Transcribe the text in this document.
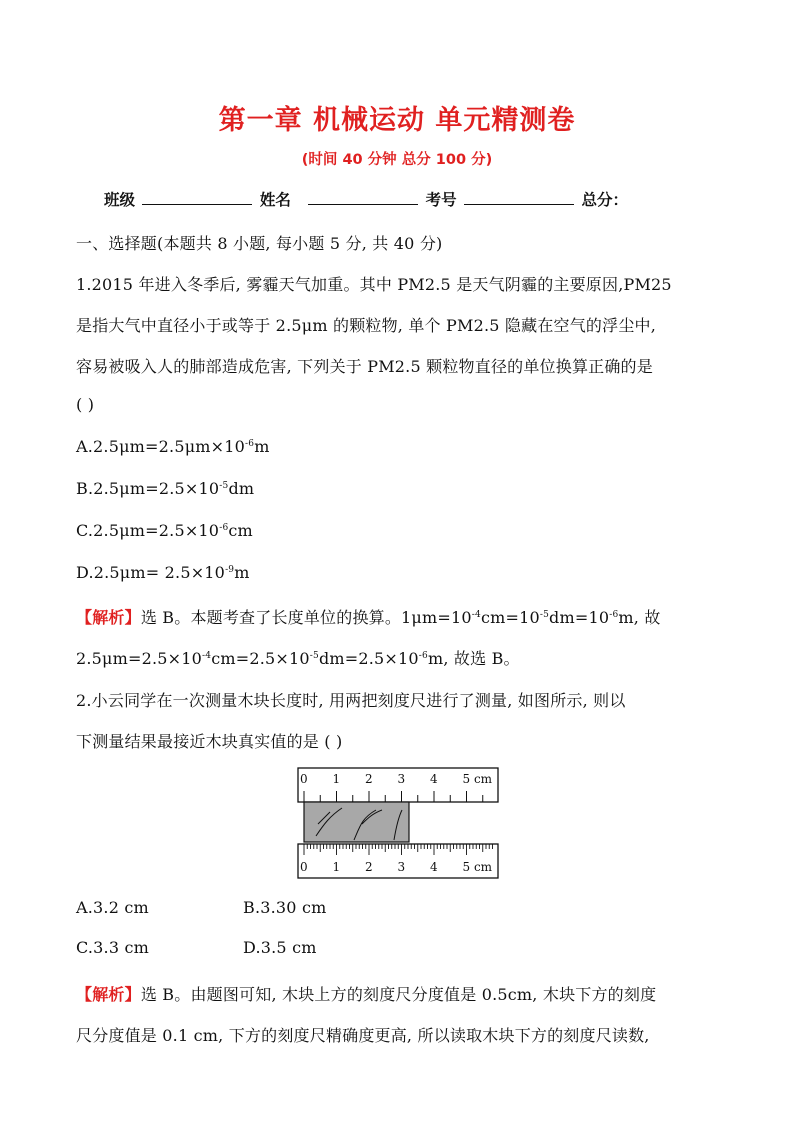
第一章 机械运动 单元精测卷
(时间 40 分钟 总分 100 分)
班级	姓名	考号	总分：
一、选择题(本题共 8 小题, 每小题 5 分, 共 40 分)
1.2015 年进入冬季后, 雾霾天气加重。其中 PM2.5 是天气阴霾的主要原因,PM25
是指大气中直径小于或等于 2.5μm 的颗粒物, 单个 PM2.5 隐藏在空气的浮尘中,
容易被吸入人的肺部造成危害, 下列关于 PM2.5 颗粒物直径的单位换算正确的是
( )
$A.2.5\mu m=2.5\mu m\times 10^{-6}m$
$B.2.5\mu m=2.5\times 10^{-5}dm$
$C.2.5\mu m=2.5\times 10^{-6}cm$
$D.2.5\mu m= 2.5\times 10^{-9}m$
【解析】选 B。本题考查了长度单位的换算。$1\mu m=10^{-4}cm=10^{-5}dm=10^{-6}m$, 故
$2.5\mu m=2.5\times 10^{-4}cm=2.5\times 10^{-5}dm=2.5\times 10^{-6}m$, 故选 B。
2.小云同学在一次测量木块长度时, 用两把刻度尺进行了测量, 如图所示, 则以
下测量结果最接近木块真实值的是 ( )
0 1 2 3 4 5 cm
0 1 2 3 4 5 cm
A.3.2 cm	B.3.30 cm
C.3.3 cm	D.3.5 cm
【解析】选 B。由题图可知, 木块上方的刻度尺分度值是 0.5cm, 木块下方的刻度
尺分度值是 0.1 cm, 下方的刻度尺精确度更高, 所以读取木块下方的刻度尺读数,
